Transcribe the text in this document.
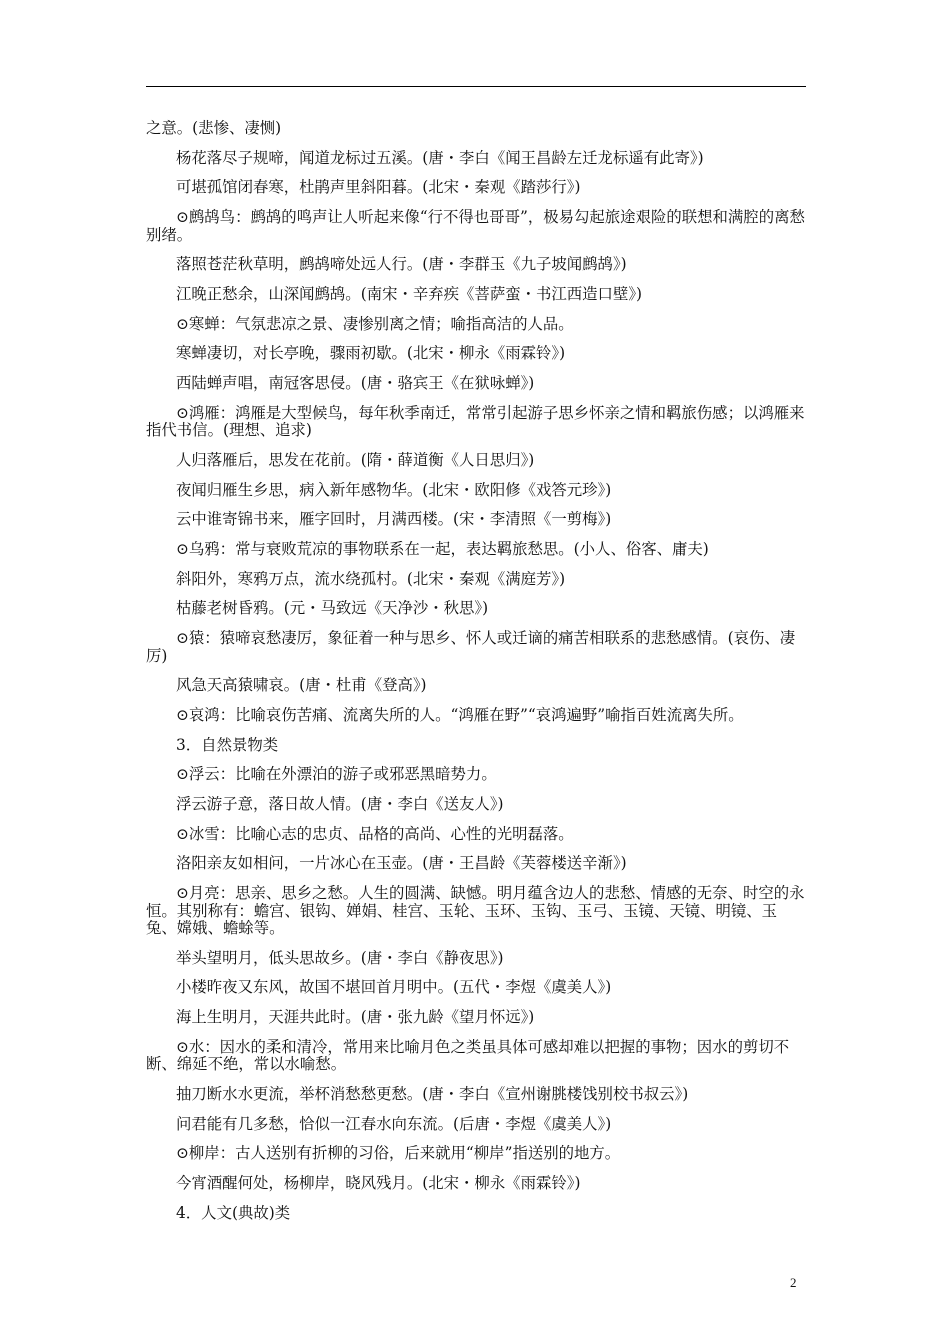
之意。(悲惨、凄恻)

杨花落尽子规啼，闻道龙标过五溪。(唐・李白《闻王昌龄左迁龙标遥有此寄》)

可堪孤馆闭春寒，杜鹃声里斜阳暮。(北宋・秦观《踏莎行》)

⊙鹧鸪鸟：鹧鸪的鸣声让人听起来像“行不得也哥哥”，极易勾起旅途艰险的联想和满腔的离愁别绪。

落照苍茫秋草明，鹧鸪啼处远人行。(唐・李群玉《九子坡闻鹧鸪》)

江晚正愁余，山深闻鹧鸪。(南宋・辛弃疾《菩萨蛮・书江西造口壁》)

⊙寒蝉：气氛悲凉之景、凄惨别离之情；喻指高洁的人品。

寒蝉凄切，对长亭晚，骤雨初歇。(北宋・柳永《雨霖铃》)

西陆蝉声唱，南冠客思侵。(唐・骆宾王《在狱咏蝉》)

⊙鸿雁：鸿雁是大型候鸟，每年秋季南迁，常常引起游子思乡怀亲之情和羁旅伤感；以鸿雁来指代书信。(理想、追求)

人归落雁后，思发在花前。(隋・薛道衡《人日思归》)

夜闻归雁生乡思，病入新年感物华。(北宋・欧阳修《戏答元珍》)

云中谁寄锦书来，雁字回时，月满西楼。(宋・李清照《一剪梅》)

⊙乌鸦：常与衰败荒凉的事物联系在一起，表达羁旅愁思。(小人、俗客、庸夫)

斜阳外，寒鸦万点，流水绕孤村。(北宋・秦观《满庭芳》)

枯藤老树昏鸦。(元・马致远《天净沙・秋思》)

⊙猿：猿啼哀愁凄厉，象征着一种与思乡、怀人或迁谪的痛苦相联系的悲愁感情。(哀伤、凄厉)

风急天高猿啸哀。(唐・杜甫《登高》)

⊙哀鸿：比喻哀伤苦痛、流离失所的人。“鸿雁在野”“哀鸿遍野”喻指百姓流离失所。

3．自然景物类

⊙浮云：比喻在外漂泊的游子或邪恶黑暗势力。

浮云游子意，落日故人情。(唐・李白《送友人》)

⊙冰雪：比喻心志的忠贞、品格的高尚、心性的光明磊落。

洛阳亲友如相问，一片冰心在玉壶。(唐・王昌龄《芙蓉楼送辛渐》)

⊙月亮：思亲、思乡之愁。人生的圆满、缺憾。明月蕴含边人的悲愁、情感的无奈、时空的永恒。其别称有：蟾宫、银钩、婵娟、桂宫、玉轮、玉环、玉钩、玉弓、玉镜、天镜、明镜、玉兔、嫦娥、蟾蜍等。

举头望明月，低头思故乡。(唐・李白《静夜思》)

小楼昨夜又东风，故国不堪回首月明中。(五代・李煜《虞美人》)

海上生明月，天涯共此时。(唐・张九龄《望月怀远》)

⊙水：因水的柔和清冷，常用来比喻月色之类虽具体可感却难以把握的事物；因水的剪切不断、绵延不绝，常以水喻愁。

抽刀断水水更流，举杯消愁愁更愁。(唐・李白《宣州谢朓楼饯别校书叔云》)

问君能有几多愁，恰似一江春水向东流。(后唐・李煜《虞美人》)

⊙柳岸：古人送别有折柳的习俗，后来就用“柳岸”指送别的地方。

今宵酒醒何处，杨柳岸，晓风残月。(北宋・柳永《雨霖铃》)

4．人文(典故)类

2
